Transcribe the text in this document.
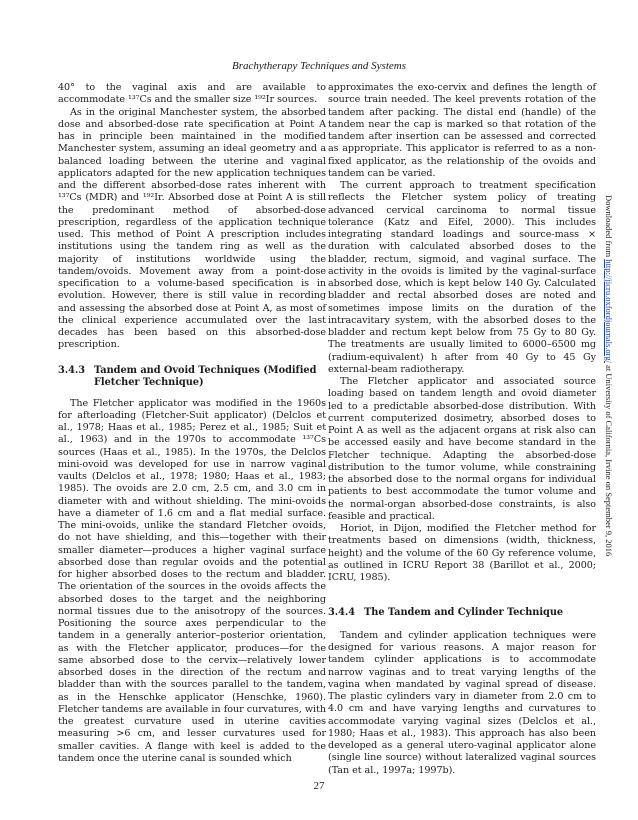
Brachytherapy Techniques and Systems

40° to the vaginal axis and are available to accommodate ¹³⁷Cs and the smaller size ¹⁹²Ir sources.

As in the original Manchester system, the absorbed dose and absorbed-dose rate specification at Point A has in principle been maintained in the modified Manchester system, assuming an ideal geometry and a balanced loading between the uterine and vaginal applicators adapted for the new application techniques and the different absorbed-dose rates inherent with ¹³⁷Cs (MDR) and ¹⁹²Ir. Absorbed dose at Point A is still the predominant method of absorbed-dose prescription, regardless of the application technique used. This method of Point A prescription includes institutions using the tandem ring as well as the majority of institutions worldwide using the tandem/ovoids. Movement away from a point-dose specification to a volume-based specification is in evolution. However, there is still value in recording and assessing the absorbed dose at Point A, as most of the clinical experience accumulated over the last decades has been based on this absorbed-dose prescription.

3.4.3 Tandem and Ovoid Techniques (Modified Fletcher Technique)

The Fletcher applicator was modified in the 1960s for afterloading (Fletcher-Suit applicator) (Delclos et al., 1978; Haas et al., 1985; Perez et al., 1985; Suit et al., 1963) and in the 1970s to accommodate ¹³⁷Cs sources (Haas et al., 1985). In the 1970s, the Delclos mini-ovoid was developed for use in narrow vaginal vaults (Delclos et al., 1978; 1980; Haas et al., 1983; 1985). The ovoids are 2.0 cm, 2.5 cm, and 3.0 cm in diameter with and without shielding. The mini-ovoids have a diameter of 1.6 cm and a flat medial surface. The mini-ovoids, unlike the standard Fletcher ovoids, do not have shielding, and this—together with their smaller diameter—produces a higher vaginal surface absorbed dose than regular ovoids and the potential for higher absorbed doses to the rectum and bladder. The orientation of the sources in the ovoids affects the absorbed doses to the target and the neighboring normal tissues due to the anisotropy of the sources. Positioning the source axes perpendicular to the tandem in a generally anterior–posterior orientation, as with the Fletcher applicator, produces—for the same absorbed dose to the cervix—relatively lower absorbed doses in the direction of the rectum and bladder than with the sources parallel to the tandem, as in the Henschke applicator (Henschke, 1960). Fletcher tandems are available in four curvatures, with the greatest curvature used in uterine cavities measuring >6 cm, and lesser curvatures used for smaller cavities. A flange with keel is added to the tandem once the uterine canal is sounded which

approximates the exo-cervix and defines the length of source train needed. The keel prevents rotation of the tandem after packing. The distal end (handle) of the tandem near the cap is marked so that rotation of the tandem after insertion can be assessed and corrected as appropriate. This applicator is referred to as a non-fixed applicator, as the relationship of the ovoids and tandem can be varied.

The current approach to treatment specification reflects the Fletcher system policy of treating advanced cervical carcinoma to normal tissue tolerance (Katz and Eifel, 2000). This includes integrating standard loadings and source-mass × duration with calculated absorbed doses to the bladder, rectum, sigmoid, and vaginal surface. The activity in the ovoids is limited by the vaginal-surface absorbed dose, which is kept below 140 Gy. Calculated bladder and rectal absorbed doses are noted and sometimes impose limits on the duration of the intracavitary system, with the absorbed doses to the bladder and rectum kept below from 75 Gy to 80 Gy. The treatments are usually limited to 6000–6500 mg (radium-equivalent) h after from 40 Gy to 45 Gy external-beam radiotherapy.

The Fletcher applicator and associated source loading based on tandem length and ovoid diameter led to a predictable absorbed-dose distribution. With current computerized dosimetry, absorbed doses to Point A as well as the adjacent organs at risk also can be accessed easily and have become standard in the Fletcher technique. Adapting the absorbed-dose distribution to the tumor volume, while constraining the absorbed dose to the normal organs for individual patients to best accommodate the tumor volume and the normal-organ absorbed-dose constraints, is also feasible and practical.

Horiot, in Dijon, modified the Fletcher method for treatments based on dimensions (width, thickness, height) and the volume of the 60 Gy reference volume, as outlined in ICRU Report 38 (Barillot et al., 2000; ICRU, 1985).

3.4.4 The Tandem and Cylinder Technique

Tandem and cylinder application techniques were designed for various reasons. A major reason for tandem cylinder applications is to accommodate narrow vaginas and to treat varying lengths of the vagina when mandated by vaginal spread of disease. The plastic cylinders vary in diameter from 2.0 cm to 4.0 cm and have varying lengths and curvatures to accommodate varying vaginal sizes (Delclos et al., 1980; Haas et al., 1983). This approach has also been developed as a general utero-vaginal applicator alone (single line source) without lateralized vaginal sources (Tan et al., 1997a; 1997b).

27
Downloaded from http://jicru.oxfordjournals.org/ at University of California, Irvine on September 9, 2016
